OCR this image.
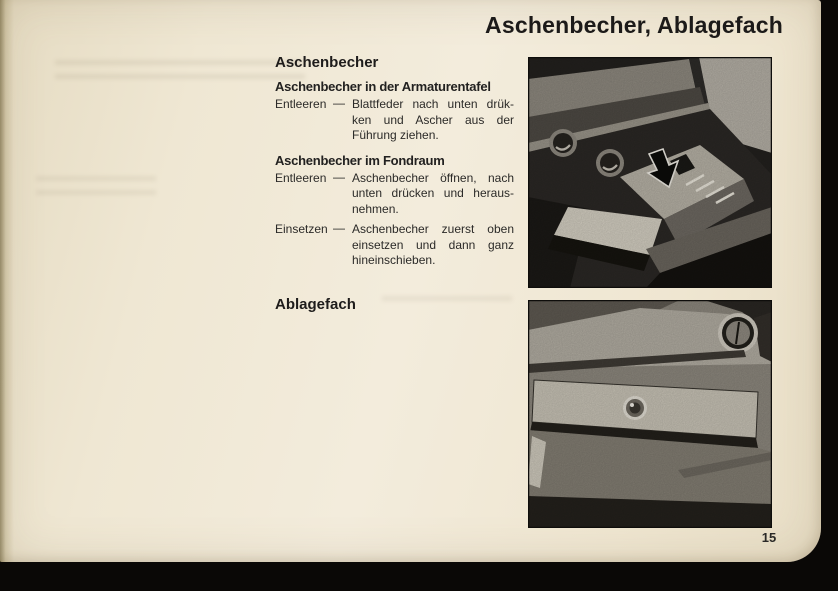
Aschenbecher, Ablagefach
Aschenbecher
Aschenbecher in der Armaturentafel
Entleeren — Blattfeder nach unten drük-
ken und Ascher aus der
Führung ziehen.
Aschenbecher im Fondraum
Entleeren — Aschenbecher öffnen, nach
unten drücken und heraus-
nehmen.
Einsetzen — Aschenbecher zuerst oben
einsetzen und dann ganz
hineinschieben.
Ablagefach
15
